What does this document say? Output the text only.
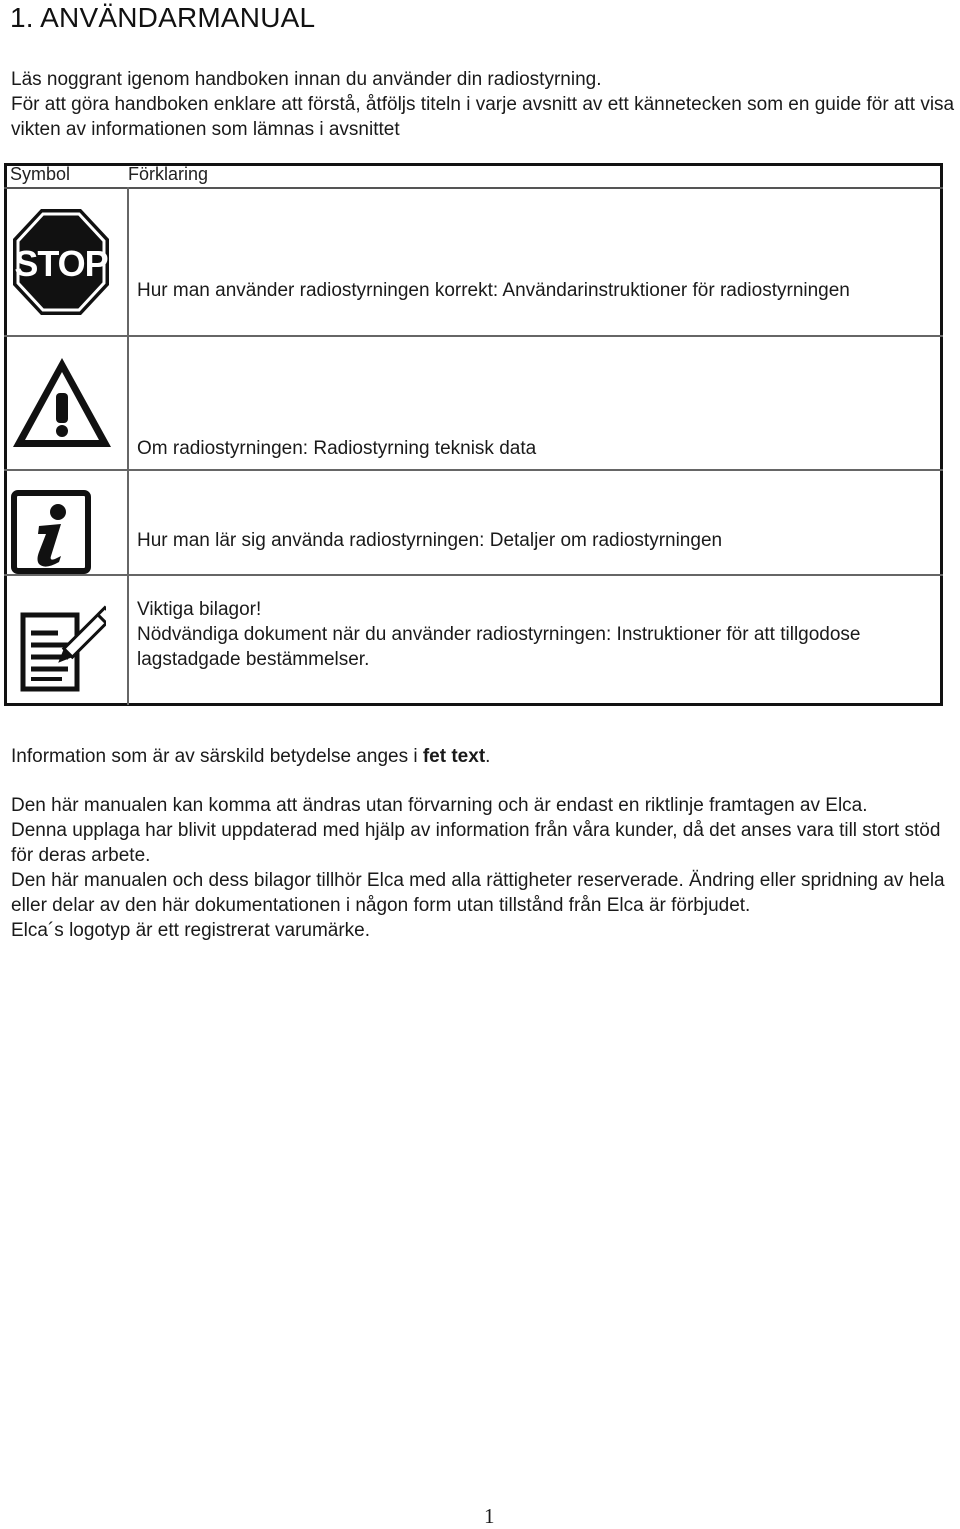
1. ANVÄNDARMANUAL

Läs noggrant igenom handboken innan du använder din radiostyrning.

För att göra handboken enklare att förstå, åtföljs titeln i varje avsnitt av ett kännetecken som en guide för att visa vikten av informationen som lämnas i avsnittet

Symbol	Förklaring
STOP
Hur man använder radiostyrningen korrekt: Användarinstruktioner för radiostyrningen
Om radiostyrningen: Radiostyrning teknisk data
Hur man lär sig använda radiostyrningen: Detaljer om radiostyrningen
Viktiga bilagor!
Nödvändiga dokument när du använder radiostyrningen: Instruktioner för att tillgodose lagstadgade bestämmelser.
Information som är av särskild betydelse anges i fet text.

Den här manualen kan komma att ändras utan förvarning och är endast en riktlinje framtagen av Elca.

Denna upplaga har blivit uppdaterad med hjälp av information från våra kunder, då det anses vara till stort stöd för deras arbete.

Den här manualen och dess bilagor tillhör Elca med alla rättigheter reserverade. Ändring eller spridning av hela eller delar av den här dokumentationen i någon form utan tillstånd från Elca är förbjudet.

Elca´s logotyp är ett registrerat varumärke.

1
